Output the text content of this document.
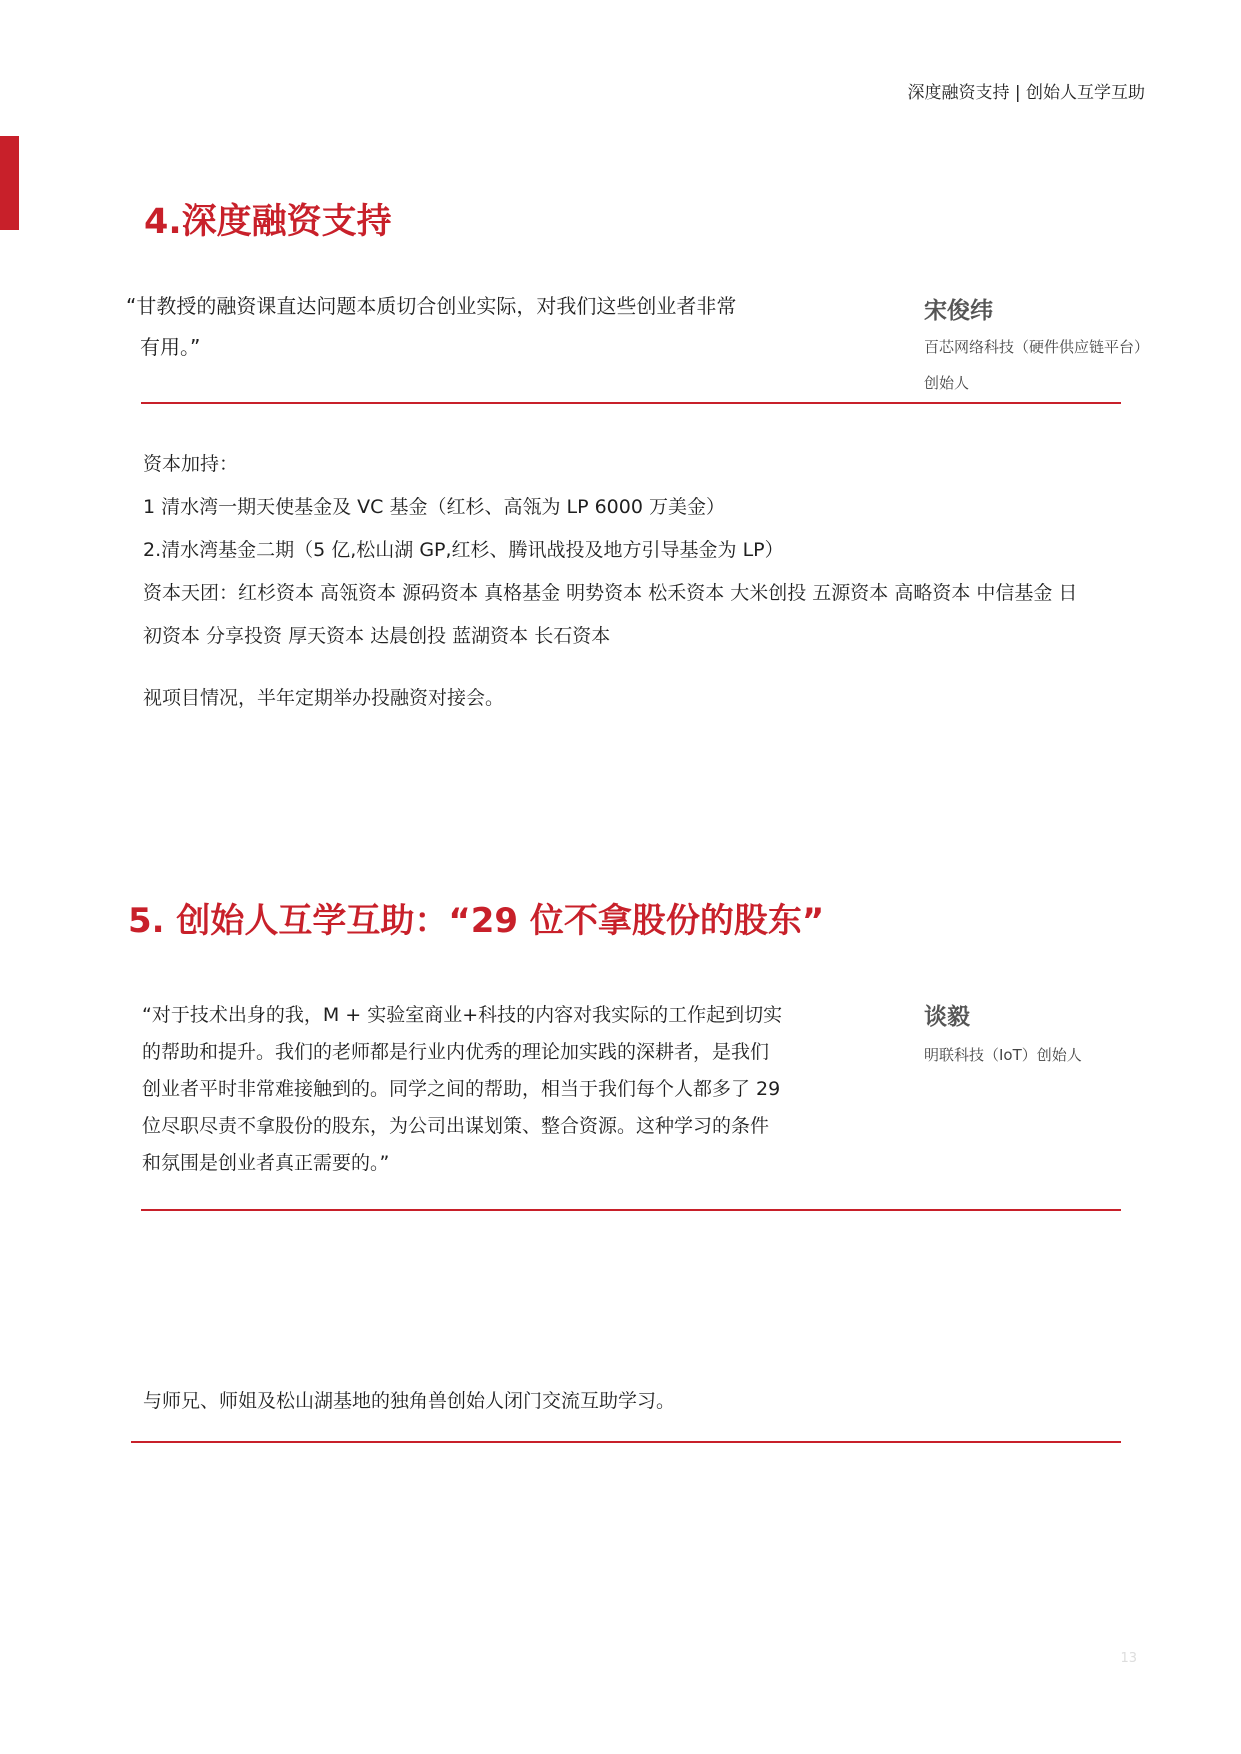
深度融资支持 | 创始人互学互助
4.深度融资支持

“甘教授的融资课直达问题本质切合创业实际，对我们这些创业者非常

有用。”

宋俊纬
百芯网络科技（硬件供应链平台）
创始人

资本加持：

1 清水湾一期天使基金及 VC 基金（红杉、高瓴为 LP 6000 万美金）

2.清水湾基金二期（5 亿,松山湖 GP,红杉、腾讯战投及地方引导基金为 LP）

资本天团：红杉资本 高瓴资本 源码资本 真格基金 明势资本 松禾资本 大米创投 五源资本 高略资本 中信基金 日

初资本 分享投资 厚天资本 达晨创投 蓝湖资本 长石资本

视项目情况，半年定期举办投融资对接会。
5. 创始人互学互助：“29 位不拿股份的股东”

“对于技术出身的我，M + 实验室商业+科技的内容对我实际的工作起到切实

的帮助和提升。我们的老师都是行业内优秀的理论加实践的深耕者，是我们

创业者平时非常难接触到的。同学之间的帮助，相当于我们每个人都多了 29

位尽职尽责不拿股份的股东，为公司出谋划策、整合资源。这种学习的条件

和氛围是创业者真正需要的。”

谈毅
明联科技（IoT）创始人
与师兄、师姐及松山湖基地的独角兽创始人闭门交流互助学习。
13
